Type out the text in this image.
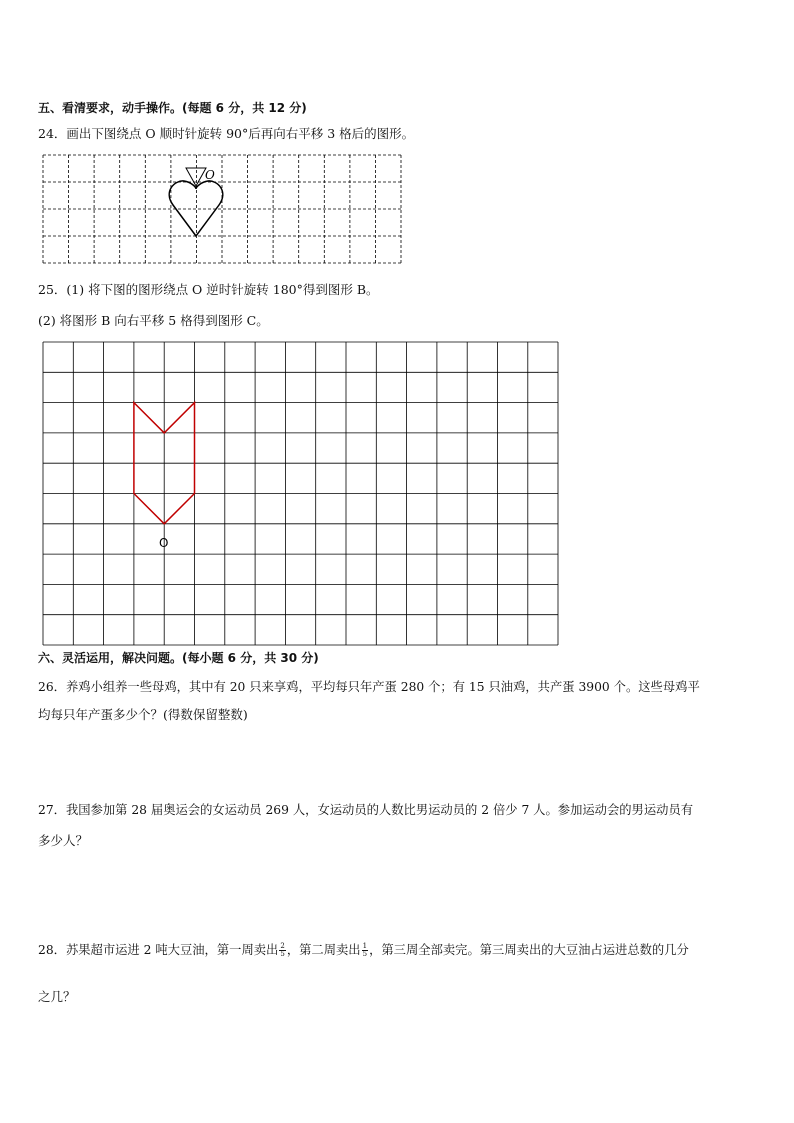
五、看清要求，动手操作。(每题 6 分，共 12 分)
24．画出下图绕点 O 顺时针旋转 90°后再向右平移 3 格后的图形。
O
O
25．(1) 将下图的图形绕点 O 逆时针旋转 180°得到图形 B。
(2) 将图形 B 向右平移 5 格得到图形 C。
六、灵活运用，解决问题。(每小题 6 分，共 30 分)
26．养鸡小组养一些母鸡，其中有 20 只来享鸡，平均每只年产蛋 280 个；有 15 只油鸡，共产蛋 3900 个。这些母鸡平
均每只年产蛋多少个？(得数保留整数)
27．我国参加第 28 届奥运会的女运动员 269 人，女运动员的人数比男运动员的 2 倍少 7 人。参加运动会的男运动员有
多少人？
28．苏果超市运进 2 吨大豆油，第一周卖出 $\frac{2}{5}$ ，第二周卖出 $\frac{1}{5}$ ，第三周全部卖完。第三周卖出的大豆油占运进总数的几分
之几？
